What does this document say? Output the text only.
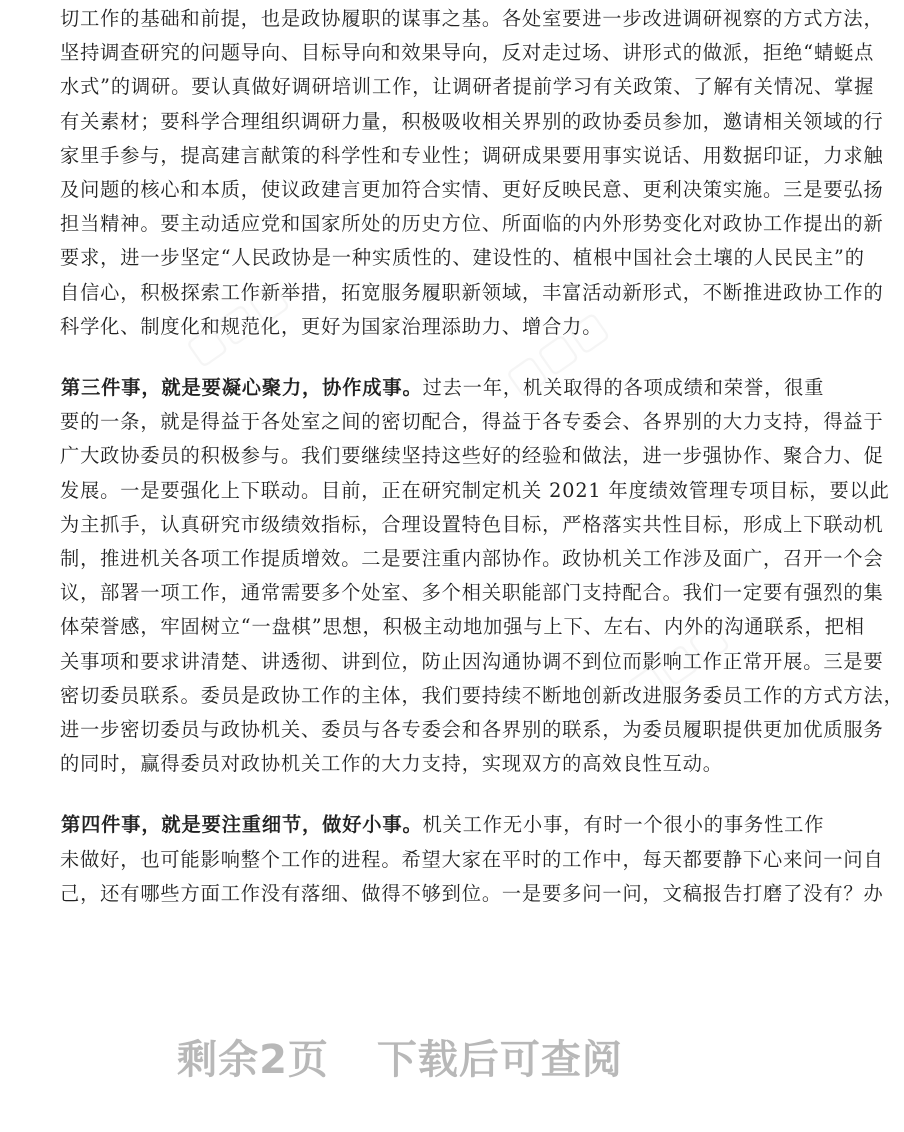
▢▢▢	▢▢▢
▢▢▢

切工作的基础和前提，也是政协履职的谋事之基。各处室要进一步改进调研视察的方式方法，
坚持调查研究的问题导向、目标导向和效果导向，反对走过场、讲形式的做派，拒绝“蜻蜓点
水式”的调研。要认真做好调研培训工作，让调研者提前学习有关政策、了解有关情况、掌握
有关素材；要科学合理组织调研力量，积极吸收相关界别的政协委员参加，邀请相关领域的行
家里手参与，提高建言献策的科学性和专业性；调研成果要用事实说话、用数据印证，力求触
及问题的核心和本质，使议政建言更加符合实情、更好反映民意、更利决策实施。三是要弘扬
担当精神。要主动适应党和国家所处的历史方位、所面临的内外形势变化对政协工作提出的新
要求，进一步坚定“人民政协是一种实质性的、建设性的、植根中国社会土壤的人民民主”的
自信心，积极探索工作新举措，拓宽服务履职新领域，丰富活动新形式，不断推进政协工作的
科学化、制度化和规范化，更好为国家治理添助力、增合力。

第三件事，就是要凝心聚力，协作成事。过去一年，机关取得的各项成绩和荣誉，很重
要的一条，就是得益于各处室之间的密切配合，得益于各专委会、各界别的大力支持，得益于
广大政协委员的积极参与。我们要继续坚持这些好的经验和做法，进一步强协作、聚合力、促
发展。一是要强化上下联动。目前，正在研究制定机关 2021 年度绩效管理专项目标，要以此
为主抓手，认真研究市级绩效指标，合理设置特色目标，严格落实共性目标，形成上下联动机
制，推进机关各项工作提质增效。二是要注重内部协作。政协机关工作涉及面广，召开一个会
议，部署一项工作，通常需要多个处室、多个相关职能部门支持配合。我们一定要有强烈的集
体荣誉感，牢固树立“一盘棋”思想，积极主动地加强与上下、左右、内外的沟通联系，把相
关事项和要求讲清楚、讲透彻、讲到位，防止因沟通协调不到位而影响工作正常开展。三是要
密切委员联系。委员是政协工作的主体，我们要持续不断地创新改进服务委员工作的方式方法，
进一步密切委员与政协机关、委员与各专委会和各界别的联系，为委员履职提供更加优质服务
的同时，赢得委员对政协机关工作的大力支持，实现双方的高效良性互动。

第四件事，就是要注重细节，做好小事。机关工作无小事，有时一个很小的事务性工作
未做好，也可能影响整个工作的进程。希望大家在平时的工作中，每天都要静下心来问一问自
己，还有哪些方面工作没有落细、做得不够到位。一是要多问一问，文稿报告打磨了没有？办

剩余2页 下载后可查阅
